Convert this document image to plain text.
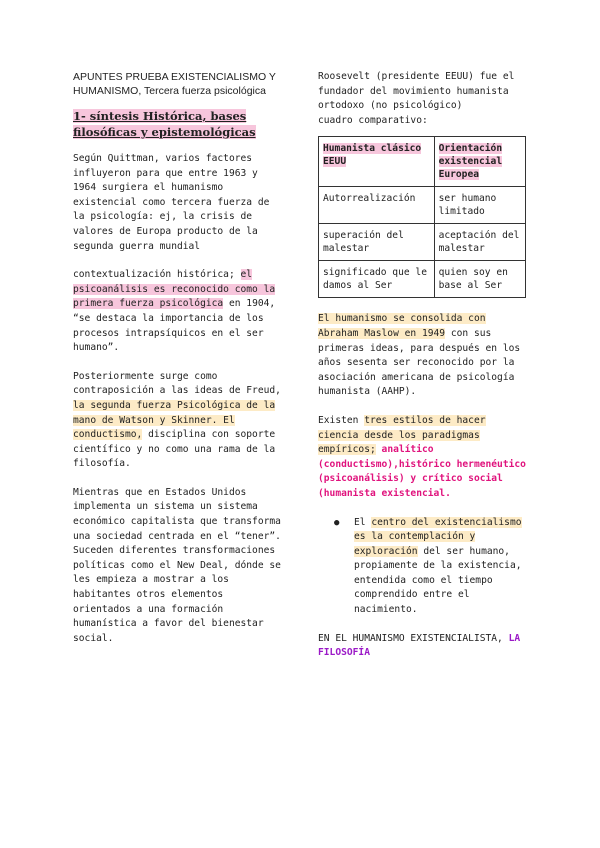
APUNTES PRUEBA EXISTENCIALISMO Y HUMANISMO, Tercera fuerza psicológica
1- síntesis Histórica, bases filosóficas y epistemológicas

Según Quittman, varios factores influyeron para que entre 1963 y 1964 surgiera el humanismo existencial como tercera fuerza de la psicología: ej, la crisis de valores de Europa producto de la segunda guerra mundial

contextualización histórica; el psicoanálisis es reconocido como la primera fuerza psicológica en 1904, “se destaca la importancia de los procesos intrapsíquicos en el ser humano”.

Posteriormente surge como contraposición a las ideas de Freud, la segunda fuerza Psicológica de la mano de Watson y Skinner. El conductismo, disciplina con soporte científico y no como una rama de la filosofía.

Mientras que en Estados Unidos implementa un sistema un sistema económico capitalista que transforma una sociedad centrada en el “tener”. Suceden diferentes transformaciones políticas como el New Deal, dónde se les empieza a mostrar a los habitantes otros elementos orientados a una formación humanística a favor del bienestar social.

Roosevelt (presidente EEUU) fue el fundador del movimiento humanista ortodoxo (no psicológico)
cuadro comparativo:

Humanista clásico EEUU	Orientación existencial Europea
Autorrealización	ser humano limitado
superación del malestar	aceptación del malestar
significado que le damos al Ser	quien soy en base al Ser

El humanismo se consolida con Abraham Maslow en 1949 con sus primeras ideas, para después en los años sesenta ser reconocido por la asociación americana de psicología humanista (AAHP).

Existen tres estilos de hacer ciencia desde los paradigmas empíricos; analítico (conductismo),histórico hermenéutico (psicoanálisis) y crítico social (humanista existencial.

● El centro del existencialismo es la contemplación y exploración del ser humano, propiamente de la existencia, entendida como el tiempo comprendido entre el nacimiento.

EN EL HUMANISMO EXISTENCIALISTA, LA FILOSOFÍA
